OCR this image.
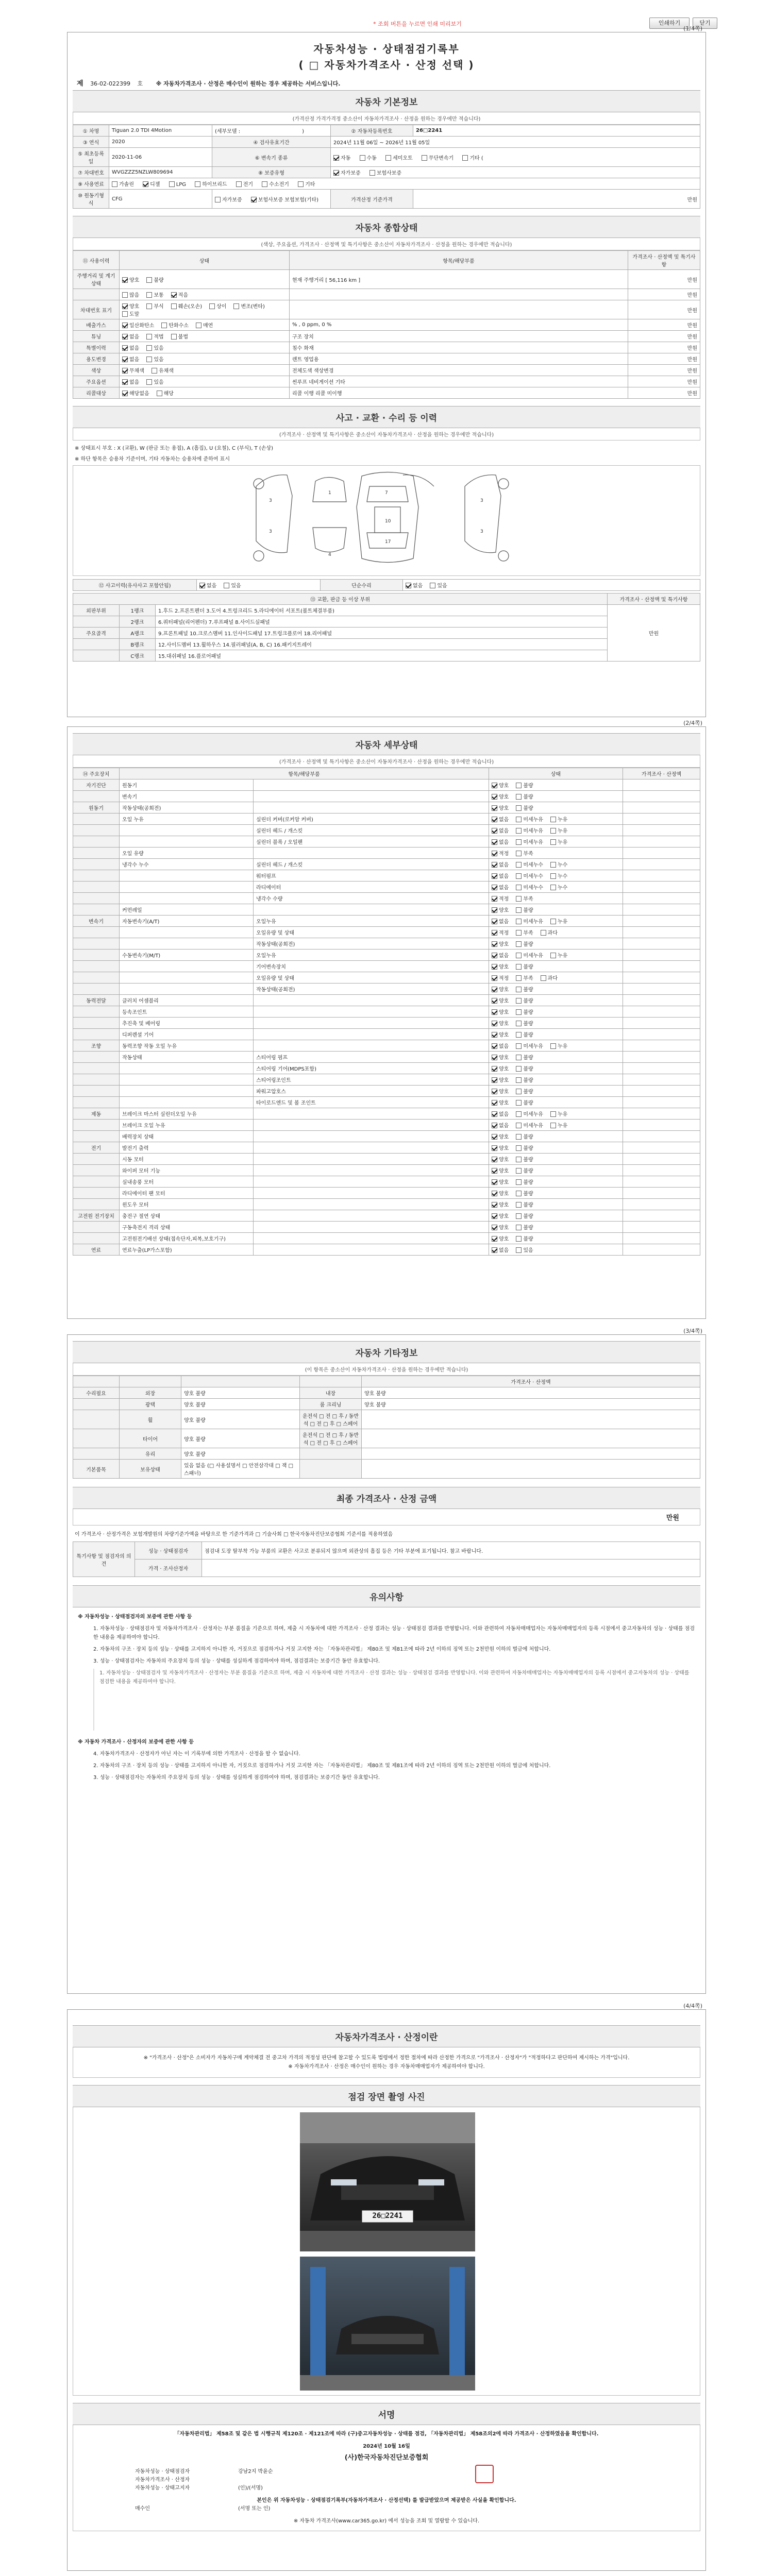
* 조회 버튼을 누르면 인쇄 미리보기	인쇄하기	닫기
(1/4쪽)
자동차성능 · 상태점검기록부
( □ 자동차가격조사 · 산정 선택 )
제 36-02-022399 호 ※ 자동차가격조사 · 산정은 매수인이 원하는 경우 제공하는 서비스입니다.
자동차 기본정보
(가격산정 가격가격정 중소산이 자동차가격조사 · 산정을 원하는 경우에만 적습니다)
① 차명	Tiguan 2.0 TDI 4Motion	(세부모델 : )	② 자동차등록번호	26□2241
③ 연식	2020	④ 검사유효기간	2024년 11월 06일 ~ 2026년 11월 05일	
⑤ 최초등록일	2020-11-06	⑥ 변속기 종류	자동 수동 세미오토 무단변속기 기타 (	
⑦ 차대번호	WVGZZZ5NZLW809694	⑧ 보증유형	자가보증 보험사보증	
⑨ 사용연료	가솔린 디젤 LPG 하이브리드 전기 수소전기 기타			
⑩ 원동기형식	CFG	자가보증 보험사보증 보험보험(기타)	가격산정 기준가격	만원
자동차 종합상태
(색상, 주요옵션, 가격조사 · 산정액 및 특기사항은 중소산이 자동차가격조사 · 산정을 원하는 경우에만 적습니다)
⑪ 사용이력	상태	항목/해당부품	가격조사 · 산정액 및 특기사항
주행거리 및 계기상태	양호 불량	현재 주행거리 [ 56,116 km ]	만원
	많음 보통 적음		만원
차대번호 표기	양호 부식 훼손(오손) 상이 변조(변타)도말		만원
배출가스	일산화탄소 탄화수소 매연	% , 0 ppm, 0 %	만원
튜닝	없음 적법 불법	구조 장치	만원
특별이력	없음 있음	침수 화재	만원
용도변경	없음 있음	렌트 영업용	만원
색상	무채색 유채색	전체도색 색상변경	만원
주요옵션	없음 있음	썬루프 네비게이션 기타	만원
리콜대상	해당없음 해당	리콜 이행 리콜 미이행	만원
사고 · 교환 · 수리 등 이력
(가격조사 · 산정액 및 특기사항은 중소산이 자동차가격조사 · 산정을 원하는 경우에만 적습니다)
※ 상태표시 부호 : X (교환), W (판금 또는 용접), A (흠집), U (요철), C (부식), T (손상)
※ 하단 항목은 승용차 기준이며, 기타 자동차는 승용차에 준하여 표시
7
10
17
3
3
3
3
1
4
⑫ 사고이력(유사사고 포함안됨)	없음	있음	단순수리	없음	있음
⑬ 교환, 판금 등 이상 부위			가격조사 · 산정액 및 특기사항
외판부위	1랭크	1.후드 2.프론트펜더 3.도어 4.트렁크리드 5.라디에이터 서포트(볼트체결부품)	만원
	2랭크	6.쿼터패널(리어펜더) 7.루프패널 8.사이드실패널	
주요골격	A랭크	9.프론트패널 10.크로스멤버 11.인사이드패널 17.트렁크플로어 18.리어패널	
	B랭크	12.사이드멤버 13.휠하우스 14.필러패널(A, B, C) 16.패키지트레이	
	C랭크	15.대쉬패널 16.플로어패널	
(2/4쪽)
자동차 세부상태
(가격조사 · 산정액 및 특기사항은 중소산이 자동차가격조사 · 산정을 원하는 경우에만 적습니다)
⑭ 주요장치	항목/해당부품		상태	가격조사 · 산정액
자기진단	원동기		양호 불량	
	변속기		양호 불량	
원동기	작동상태(공회전)		양호 불량	
	오일 누유	실린더 커버(로커암 커버)	없음 미세누유 누유	
		실린더 헤드 / 개스킷	없음 미세누유 누유	
		실린더 블록 / 오일팬	없음 미세누유 누유	
	오일 유량		적정 부족	
	냉각수 누수	실린더 헤드 / 개스킷	없음 미세누수 누수	
		워터펌프	없음 미세누수 누수	
		라디에이터	없음 미세누수 누수	
		냉각수 수량	적정 부족	
	커먼레일		양호 불량	
변속기	자동변속기(A/T)	오일누유	없음 미세누유 누유	
		오일유량 및 상태	적정 부족 과다	
		작동상태(공회전)	양호 불량	
	수동변속기(M/T)	오일누유	없음 미세누유 누유	
		기어변속장치	양호 불량	
		오일유량 및 상태	적정 부족 과다	
		작동상태(공회전)	양호 불량	
동력전달	클러치 어셈블리		양호 불량	
	등속조인트		양호 불량	
	추진축 및 베어링		양호 불량	
	디퍼렌셜 기어		양호 불량	
조향	동력조향 작동 오일 누유		없음 미세누유 누유	
	작동상태	스티어링 펌프	양호 불량	
		스티어링 기어(MDPS포함)	양호 불량	
		스티어링조인트	양호 불량	
		파워고압호스	양호 불량	
		타이로드엔드 및 볼 조인트	양호 불량	
제동	브레이크 마스터 실린더오일 누유		없음 미세누유 누유	
	브레이크 오일 누유		없음 미세누유 누유	
	배력장치 상태		양호 불량	
전기	발전기 출력		양호 불량	
	시동 모터		양호 불량	
	와이퍼 모터 기능		양호 불량	
	실내송풍 모터		양호 불량	
	라디에이터 팬 모터		양호 불량	
	윈도우 모터		양호 불량	
고전원 전기장치	충전구 절연 상태		양호 불량	
	구동축전지 격리 상태		양호 불량	
	고전원전기배선 상태(접속단자,피복,보호기구)		양호 불량	
연료	연료누출(LP가스포함)		없음 있음	
(3/4쪽)
자동차 기타정보
(이 항목은 중소산이 자동차가격조사 · 산정을 원하는 경우에만 적습니다)
				가격조사 · 산정액
수리필요	외장	양호 불량	내장	양호 불량
	광택	양호 불량	룸 크리닝	양호 불량
	휠	양호 불량	운전석 □ 전 □ 후 / 동반석 □ 전 □ 후 □ 스페어	
	타이어	양호 불량	운전석 □ 전 □ 후 / 동반석 □ 전 □ 후 □ 스페어	
	유리	양호 불량		
기본품목	보유상태	있음 없음 (□ 사용설명서 □ 안전삼각대 □ 잭 □ 스패너)		
최종 가격조사 · 산정 금액
만원
이 가격조사 · 산정가격은 보험개발원의 차량기준가액을 바탕으로 한 기준가격과 □ 기술사회 □ 한국자동차진단보증협회 기준서를 적용하였음
특기사항 및 점검자의 의견	성능 · 상태점검자	점검내 도장 탈부착 가능 부품의 교환은 사고로 분류되지 않으며 외관상의 흠집 등은 기타 부분에 표기됩니다. 참고 바랍니다.
	가격 · 조사산정자	
유의사항
※ 자동차성능 · 상태점검자의 보증에 관한 사항 등

1. 자동차성능 · 상태점검자 및 자동차가격조사 · 산정자는 부분 품질을 기준으로 하며, 제출 시 자동차에 대한 가격조사 · 산정 결과는 성능 · 상태점검 결과를 반영합니다. 이와 관련하여 자동차매매업자는 자동차매매업자의 등록 시점에서 중고자동차의 성능 · 상태를 점검한 내용을 제공하여야 합니다.

2. 자동차의 구조 · 장치 등의 성능 · 상태를 고지하지 아니한 자, 거짓으로 점검하거나 거짓 고지한 자는 「자동차관리법」 제80조 및 제81조에 따라 2년 이하의 징역 또는 2천만원 이하의 벌금에 처합니다.

3. 성능 · 상태점검자는 자동차의 주요장치 등의 성능 · 상태를 성실하게 점검하여야 하며, 점검결과는 보증기간 동안 유효합니다.

1. 자동차성능 · 상태점검자 및 자동차가격조사 · 산정자는 부분 품질을 기준으로 하며, 제출 시 자동차에 대한 가격조사 · 산정 결과는 성능 · 상태점검 결과를 반영합니다. 이와 관련하여 자동차매매업자는 자동차매매업자의 등록 시점에서 중고자동차의 성능 · 상태를 점검한 내용을 제공하여야 합니다.

※ 자동차 가격조사 · 산정자의 보증에 관한 사항 등

4. 자동차가격조사 · 산정자가 아닌 자는 이 기록부에 의한 가격조사 · 산정을 할 수 없습니다.

2. 자동차의 구조 · 장치 등의 성능 · 상태를 고지하지 아니한 자, 거짓으로 점검하거나 거짓 고지한 자는 「자동차관리법」 제80조 및 제81조에 따라 2년 이하의 징역 또는 2천만원 이하의 벌금에 처합니다.

3. 성능 · 상태점검자는 자동차의 주요장치 등의 성능 · 상태를 성실하게 점검하여야 하며, 점검결과는 보증기간 동안 유효합니다.

(4/4쪽)
자동차가격조사 · 산정이란

※ "가격조사 · 산정"은 소비자가 자동차구매 계약체결 전 중고차 가격의 적정성 판단에 참고할 수 있도록 법령에서 정한 절차에 따라 산정한 가격으로 "가격조사 · 산정자"가 "적정하다고 판단하여 제시하는 가격"입니다.

※ 자동차가격조사 · 산정은 매수인이 원하는 경우 자동차매매업자가 제공하여야 합니다.

점검 장면 촬영 사진
26□2241
서명

「자동차관리법」 제58조 및 같은 법 시행규칙 제120조 · 제121조에 따라 (구)중고자동차성능 · 상태를 점검, 「자동차관리법」 제58조의2에 따라 가격조사 · 산정하였음을 확인합니다.

2024년 10월 16일

(사)한국자동차진단보증협회

자동차성능 · 상태점검자	강남2지 박윤순
자동차가격조사 · 산정자
자동차성능 · 상태고지자	(인)/(서명)

본인은 위 자동차성능 · 상태점검기록부(자동차가격조사 · 산정선택) 를 발급받았으며 제공받은 사실을 확인합니다.

매수인	(서명 또는 인)

※ 자동차 가격조사(www.car365.go.kr) 에서 성능을 조회 및 열람할 수 있습니다.
